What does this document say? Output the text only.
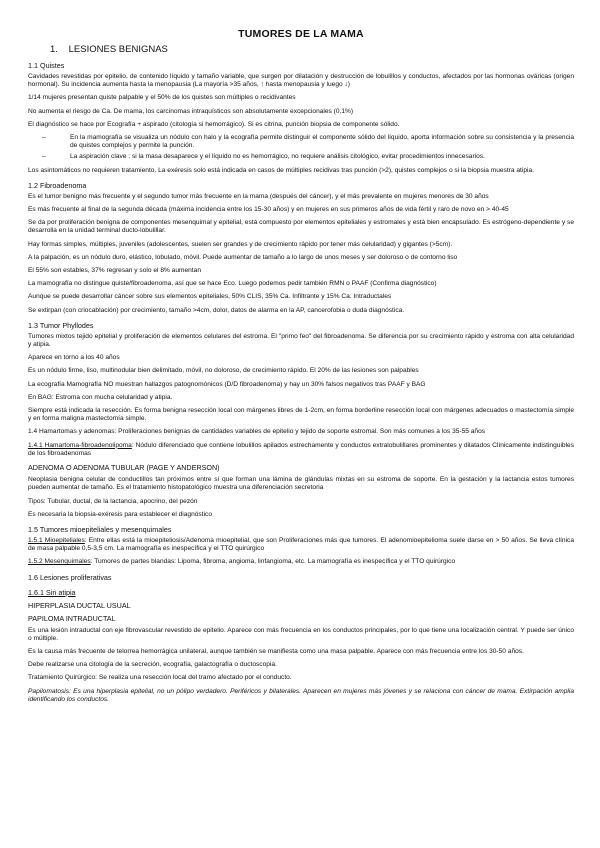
TUMORES DE LA MAMA
1. LESIONES BENIGNAS
1.1 Quistes

Cavidades revestidas por epitelio, de contenido líquido y tamaño variable, que surgen por dilatación y destrucción de lobulillos y conductos, afectados por las hormonas ováricas (origen hormonal). Su incidencia aumenta hasta la menopausia (La mayoría >35 años, ↑ hasta menopausia y luego ↓)

1/14 mujeres presentan quiste palpable y el 50% de los quistes son múltiples o recidivantes

No aumenta el riesgo de Ca. De mama, los carcinomas intraquísticos son absolutamente excepcionales (0,1%)

El diagnóstico se hace por Ecografía + aspirado (citología si hemorrágico). Si es citrina, punción biopsia de componente sólido.

–	En la mamografía se visualiza un nódulo con halo y la ecografía permite distinguir el componente sólido del líquido, aporta información sobre su consistencia y la presencia de quistes complejos y permite la punción.
–	La aspiración clave : si la masa desaparece y el líquido no es hemorrágico, no requiere análisis citológico, evitar procedimientos innecesarios.

Los asintomáticos no requieren tratamiento. La exéresis solo está indicada en casos de múltiples recidivas tras punción (>2), quistes complejos o si la biopsia muestra atipia.

1.2 Fibroadenoma

Es el tumor benigno más frecuente y el segundo tumor más frecuente en la mama (después del cáncer), y el más prevalente en mujeres menores de 30 años

Es más frecuente al final de la segunda década (máxima incidencia entre los 15-30 años) y en mujeres en sus primeros años de vida fértil y raro de novo en > 40-45

Se da por proliferación benigna de componentes mesenquimal y epitelial, está compuesto por elementos epiteliales y estromales y está bien encapsulado. Es estrógeno-dependiente y se desarrolla en la unidad terminal ducto-lobulillar.

Hay formas simples, múltiples, juveniles (adolescentes, suelen ser grandes y de crecimiento rápido por tener más celularidad) y gigantes (>5cm).

A la palpación, es un nódulo duro, elástico, lobulado, móvil. Puede aumentar de tamaño a lo largo de unos meses y ser doloroso o de contorno liso

El 55% son estables, 37% regresan y solo el 8% aumentan

La mamografía no distingue quiste/fibroadenoma, así que se hace Eco. Luego podemos pedir también RMN o PAAF (Confirma diagnóstico)

Aunque se puede desarrollar cáncer sobre sus elementos epiteliales, 50% CLIS, 35% Ca. Infiltrante y 15% Ca. Intraductales

Se extirpan (con criocablación) por crecimiento, tamaño >4cm, dolor, datos de alarma en la AP, cancerofobia o duda diagnóstica.

1.3 Tumor Phyllodes

Tumores mixtos tejido epitelial y proliferación de elementos celulares del estroma. El "primo feo" del fibroadenoma. Se diferencia por su crecimiento rápido y estroma con alta celularidad y atipia.

Aparece en torno a los 40 años

Es un nódulo firme, liso, multinodular bien delimitado, móvil, no doloroso, de crecimiento rápido. El 20% de las lesiones son palpables

La ecografía Mamografía NO muestran hallazgos patognomónicos (D/D fibroadenoma) y hay un 30% falsos negativos tras PAAF y BAG

En BAG: Estroma con mucha celularidad y atipia.

Siempre está indicada la resección. Es forma benigna resección local con márgenes libres de 1-2cm, en forma borderline resección local con márgenes adecuados o mastectomía simple y en forma maligna mastectomía simple.

1.4 Hamartomas y adenomas: Proliferaciones benignas de cantidades variables de epitelio y tejido de soporte estromal. Son más comunes a los 35-55 años

1.4.1 Hamartoma-fibroadenolipoma: Nódulo diferenciado que contiene lobulillos apilados estrechamente y conductos extralobulillares prominentes y dilatados Clínicamente indistinguibles de los fibroadenomas

ADENOMA O ADENOMA TUBULAR (PAGE Y ANDERSON)

Neoplasia benigna celular de conductillos tan próximos entre sí que forman una lámina de glándulas mixtas en su estroma de soporte. En la gestación y la lactancia estos tumores pueden aumentar de tamaño. Es el tratamiento histopatológico muestra una diferenciación secretoria

Tipos: Tubular, ductal, de la lactancia, apocrino, del pezón

Es necesaria la biopsia-exéresis para establecer el diagnóstico

1.5 Tumores mioepiteliales y mesenquimales

1.5.1 Mioepiteliales: Entre ellas está la mioepiteliosis/Adenoma mioepitelial, que son Proliferaciones más que tumores. El adenomioepitelioma suele darse en > 50 años. Se lleva clínica de masa palpable 0,5-3,5 cm. La mamografía es inespecífica y el TTO quirúrgico

1.5.2 Mesenquimales: Tumores de partes blandas: Lipoma, fibroma, angioma, linfangioma, etc. La mamografía es inespecífica y el TTO quirúrgico

1.6 Lesiones proliferativas
1.6.1 Sin atipia
HIPERPLASIA DUCTAL USUAL
PAPILOMA INTRADUCTAL

Es una lesión intraductal con eje fibrovascular revestido de epitelio. Aparece con más frecuencia en los conductos principales, por lo que tiene una localización central. Y puede ser único o múltiple.

Es la causa más frecuente de telorrea hemorrágica unilateral, aunque también se manifiesta como una masa palpable. Aparece con más frecuencia entre los 30-50 años.

Debe realizarse una citología de la secreción, ecografía, galactografía o ductoscopia.

Tratamiento Quirúrgico: Se realiza una resección local del tramo afectado por el conducto.

Papilomatosis: Es una hiperplasia epitelial, no un pólipo verdadero. Periféricos y bilaterales. Aparecen en mujeres más jóvenes y se relaciona con cáncer de mama. Extirpación amplia identificando los conductos.
